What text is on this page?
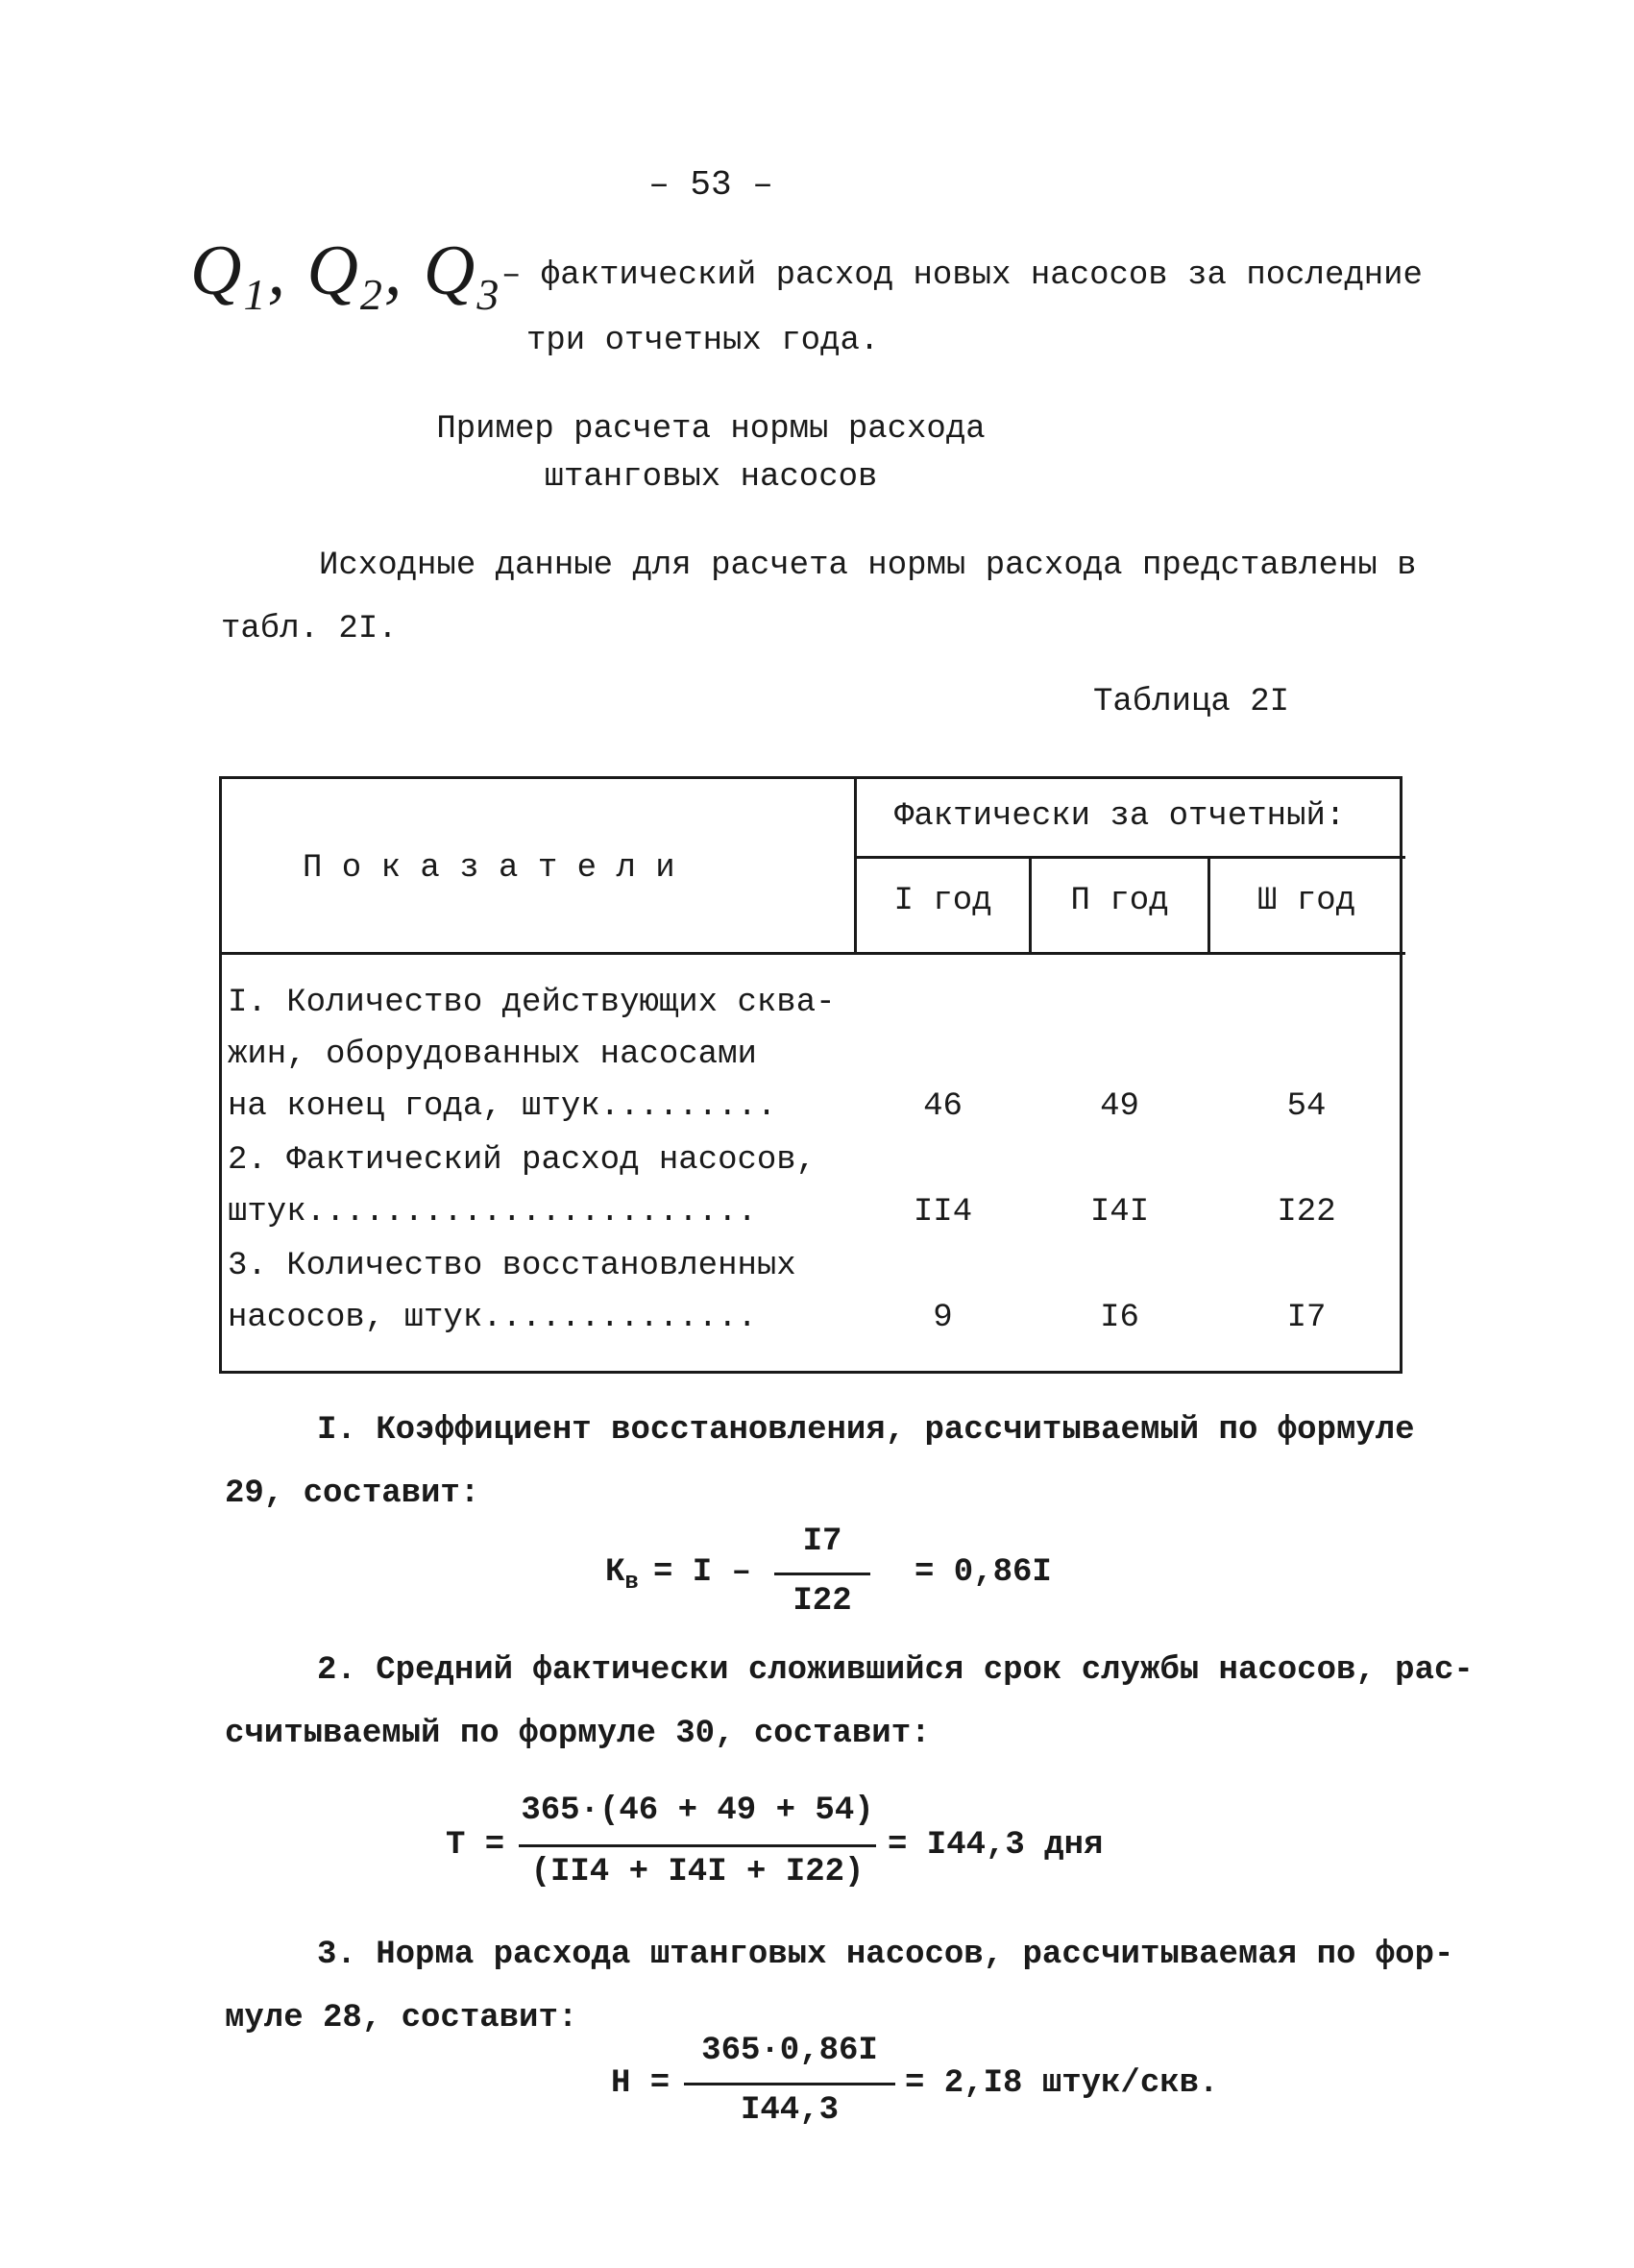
– 53 –
$Q_1$, $Q_2$, $Q_3$ – фактический расход новых насосов за последние
три отчетных года.
Пример расчета нормы расхода
штанговых насосов
Исходные данные для расчета нормы расхода представлены в
табл. 2I.
Таблица 2I
П о к а з а т е л и
Фактически за отчетный:
I год	П год	Ш год
I. Количество действующих сква-
жин, оборудованных насосами
на конец года, штук.........	46	49	54
2. Фактический расход насосов,
штук.......................	II4	I4I	I22
3. Количество восстановленных
насосов, штук..............	9	I6	I7
I. Коэффициент восстановления, рассчитываемый по формуле
29, составит:
$К_в = I$ –
I7
I22
= 0,86I
2. Средний фактически сложившийся срок службы насосов, рас-
считываемый по формуле 30, составит:
Т =
365·(46 + 49 + 54)
(II4 + I4I + I22)
= I44,3 дня
3. Норма расхода штанговых насосов, рассчитываемая по фор-
муле 28, составит:
Н =
365·0,86I
I44,3
= 2,I8 штук/скв.
